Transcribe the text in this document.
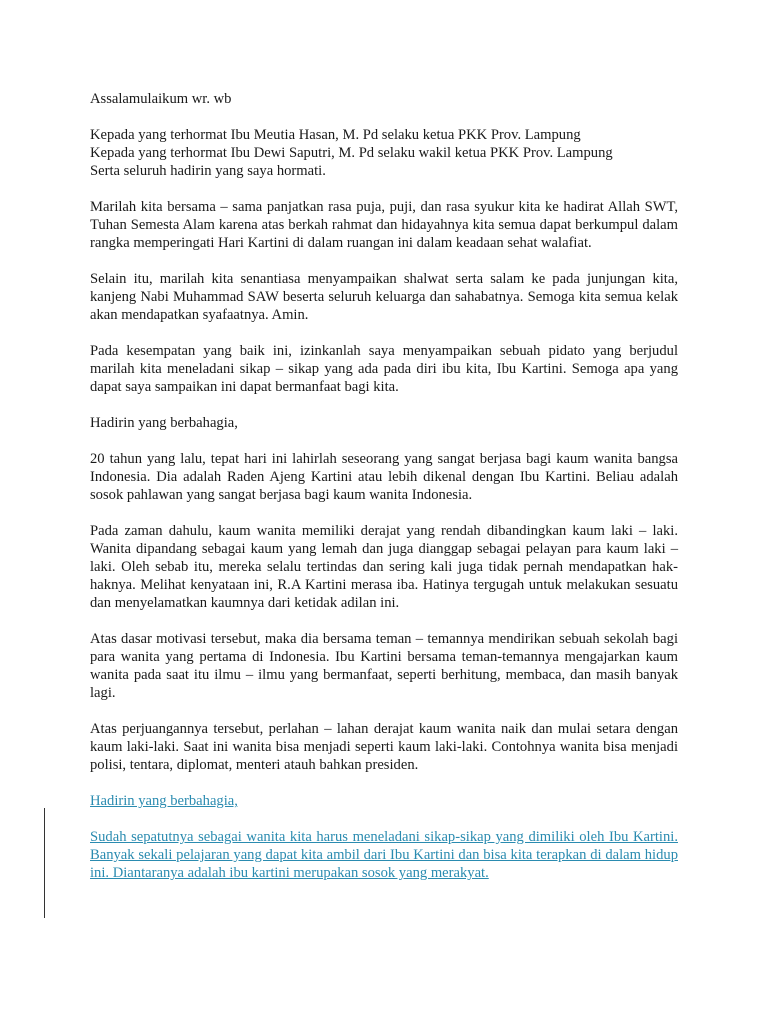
Assalamulaikum wr. wb

Kepada yang terhormat Ibu Meutia Hasan, M. Pd selaku ketua PKK Prov. Lampung
Kepada yang terhormat Ibu Dewi Saputri, M. Pd selaku wakil ketua PKK Prov. Lampung
Serta seluruh hadirin yang saya hormati.

Marilah kita bersama – sama panjatkan rasa puja, puji, dan rasa syukur kita ke hadirat Allah SWT, Tuhan Semesta Alam karena atas berkah rahmat dan hidayahnya kita semua dapat berkumpul dalam rangka memperingati Hari Kartini di dalam ruangan ini dalam keadaan sehat walafiat.

Selain itu, marilah kita senantiasa menyampaikan shalwat serta salam ke pada junjungan kita, kanjeng Nabi Muhammad SAW beserta seluruh keluarga dan sahabatnya. Semoga kita semua kelak akan mendapatkan syafaatnya. Amin.

Pada kesempatan yang baik ini, izinkanlah saya menyampaikan sebuah pidato yang berjudul marilah kita meneladani sikap – sikap yang ada pada diri ibu kita, Ibu Kartini. Semoga apa yang dapat saya sampaikan ini dapat bermanfaat bagi kita.

Hadirin yang berbahagia,

20 tahun yang lalu, tepat hari ini lahirlah seseorang yang sangat berjasa bagi kaum wanita bangsa Indonesia. Dia adalah Raden Ajeng Kartini atau lebih dikenal dengan Ibu Kartini. Beliau adalah sosok pahlawan yang sangat berjasa bagi kaum wanita Indonesia.

Pada zaman dahulu, kaum wanita memiliki derajat yang rendah dibandingkan kaum laki – laki. Wanita dipandang sebagai kaum yang lemah dan juga dianggap sebagai pelayan para kaum laki – laki. Oleh sebab itu, mereka selalu tertindas dan sering kali juga tidak pernah mendapatkan hak-haknya. Melihat kenyataan ini, R.A Kartini merasa iba. Hatinya tergugah untuk melakukan sesuatu dan menyelamatkan kaumnya dari ketidak adilan ini.

Atas dasar motivasi tersebut, maka dia bersama teman – temannya mendirikan sebuah sekolah bagi para wanita yang pertama di Indonesia. Ibu Kartini bersama teman-temannya mengajarkan kaum wanita pada saat itu ilmu – ilmu yang bermanfaat, seperti berhitung, membaca, dan masih banyak lagi.

Atas perjuangannya tersebut, perlahan – lahan derajat kaum wanita naik dan mulai setara dengan kaum laki-laki. Saat ini wanita bisa menjadi seperti kaum laki-laki. Contohnya wanita bisa menjadi polisi, tentara, diplomat, menteri atauh bahkan presiden.

Hadirin yang berbahagia,

Sudah sepatutnya sebagai wanita kita harus meneladani sikap-sikap yang dimiliki oleh Ibu Kartini. Banyak sekali pelajaran yang dapat kita ambil dari Ibu Kartini dan bisa kita terapkan di dalam hidup ini. Diantaranya adalah ibu kartini merupakan sosok yang merakyat.
